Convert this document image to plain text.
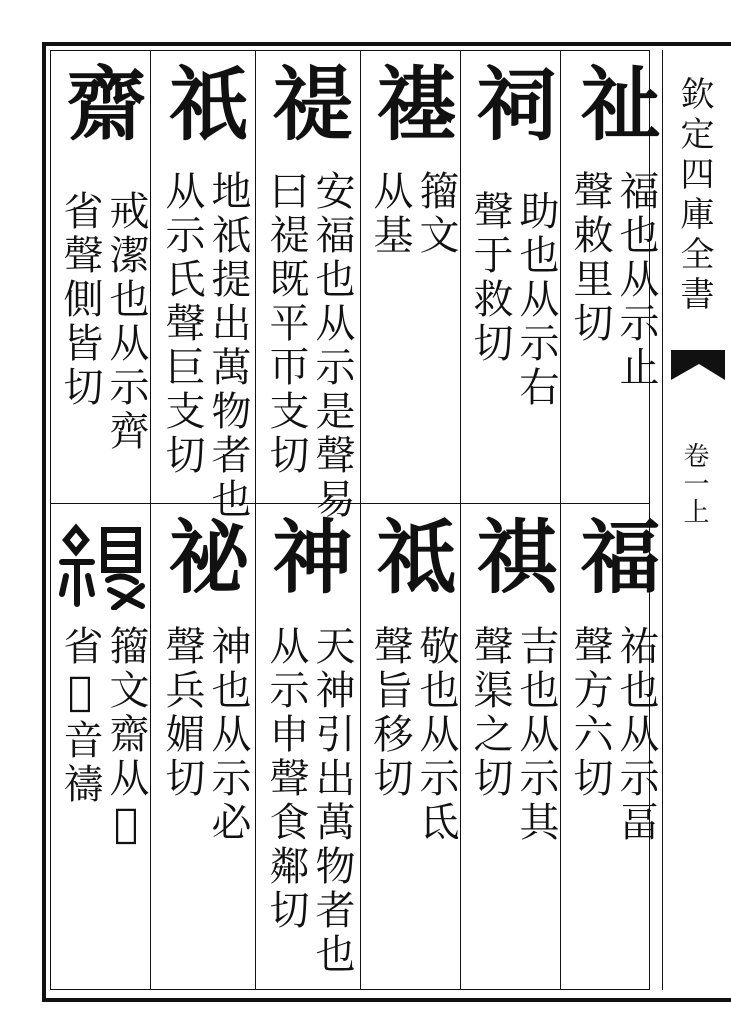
欽定四庫全書
卷一上
祉
福也从示止
聲敕里切
福
祐也从示畐
聲方六切
祠
助也从示右
聲于救切
祺
吉也从示其
聲渠之切
禥
籀文
从基
祗
敬也从示氐
聲旨移切
禔
安福也从示是聲易
曰禔既平帀支切
神
天神引出萬物者也
从示申聲食鄰切
祇
地祇提出萬物者也
从示氏聲巨支切
祕
神也从示必
聲兵媚切
齋
戒潔也从示齊
省聲側皆切
籀文齋从𩒨
省𩒨音禱
